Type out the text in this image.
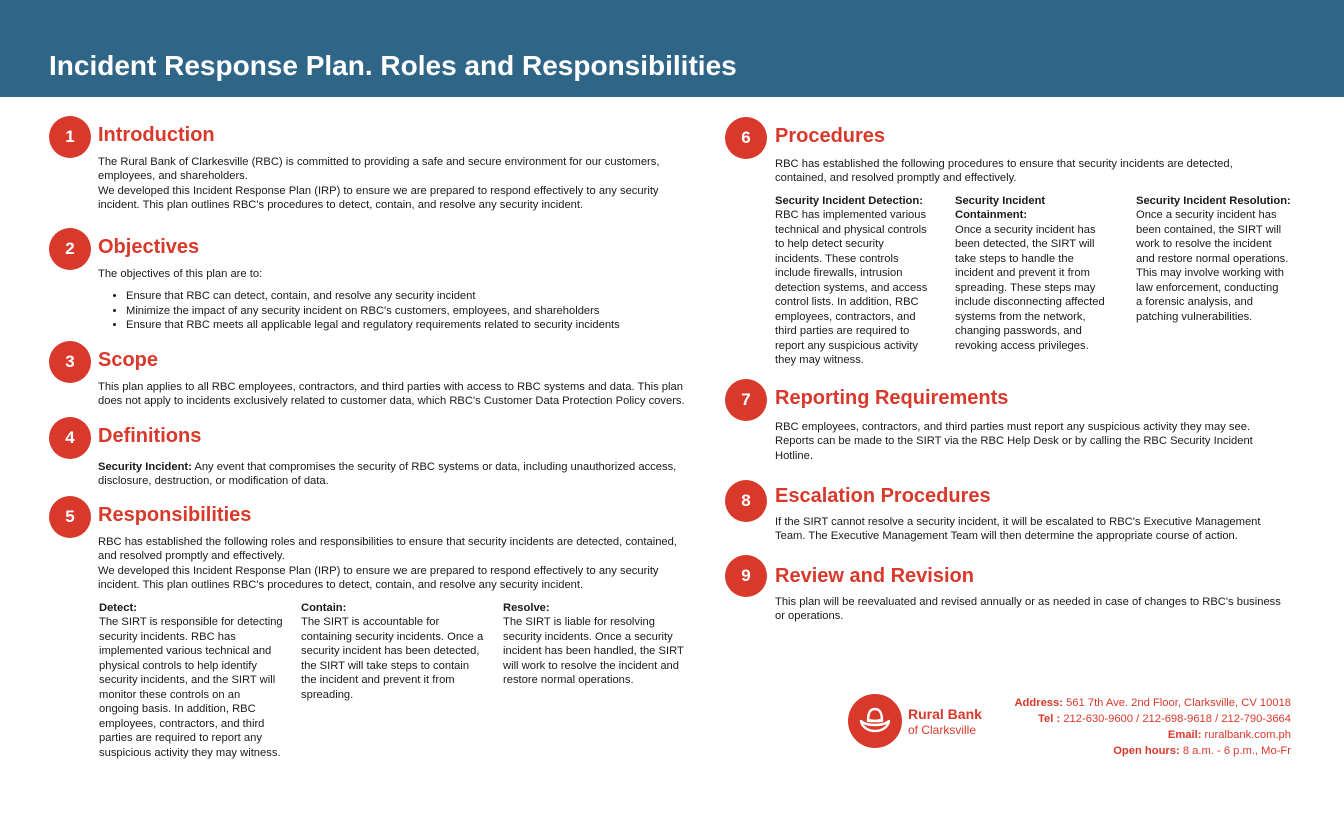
Incident Response Plan. Roles and Responsibilities
1	Introduction

The Rural Bank of Clarkesville (RBC) is committed to providing a safe and secure environment for our customers,

employees, and shareholders.

We developed this Incident Response Plan (IRP) to ensure we are prepared to respond effectively to any security

incident. This plan outlines RBC's procedures to detect, contain, and resolve any security incident.

2	Objectives

The objectives of this plan are to:

• Ensure that RBC can detect, contain, and resolve any security incident
• Minimize the impact of any security incident on RBC's customers, employees, and shareholders
• Ensure that RBC meets all applicable legal and regulatory requirements related to security incidents
3	Scope

This plan applies to all RBC employees, contractors, and third parties with access to RBC systems and data. This plan

does not apply to incidents exclusively related to customer data, which RBC's Customer Data Protection Policy covers.

4	Definitions

Security Incident: Any event that compromises the security of RBC systems or data, including unauthorized access,

disclosure, destruction, or modification of data.

5	Responsibilities

RBC has established the following roles and responsibilities to ensure that security incidents are detected, contained,

and resolved promptly and effectively.

We developed this Incident Response Plan (IRP) to ensure we are prepared to respond effectively to any security

incident. This plan outlines RBC's procedures to detect, contain, and resolve any security incident.

Detect:
The SIRT is responsible for detecting
security incidents. RBC has
implemented various technical and
physical controls to help identify
security incidents, and the SIRT will
monitor these controls on an
ongoing basis. In addition, RBC
employees, contractors, and third
parties are required to report any
suspicious activity they may witness.
Contain:
The SIRT is accountable for
containing security incidents. Once a
security incident has been detected,
the SIRT will take steps to contain
the incident and prevent it from
spreading.
Resolve:
The SIRT is liable for resolving
security incidents. Once a security
incident has been handled, the SIRT
will work to resolve the incident and
restore normal operations.
6	Procedures

RBC has established the following procedures to ensure that security incidents are detected,

contained, and resolved promptly and effectively.

Security Incident Detection:
RBC has implemented various
technical and physical controls
to help detect security
incidents. These controls
include firewalls, intrusion
detection systems, and access
control lists. In addition, RBC
employees, contractors, and
third parties are required to
report any suspicious activity
they may witness.
Security Incident
Containment:
Once a security incident has
been detected, the SIRT will
take steps to handle the
incident and prevent it from
spreading. These steps may
include disconnecting affected
systems from the network,
changing passwords, and
revoking access privileges.
Security Incident Resolution:
Once a security incident has
been contained, the SIRT will
work to resolve the incident
and restore normal operations.
This may involve working with
law enforcement, conducting
a forensic analysis, and
patching vulnerabilities.
7	Reporting Requirements

RBC employees, contractors, and third parties must report any suspicious activity they may see.

Reports can be made to the SIRT via the RBC Help Desk or by calling the RBC Security Incident

Hotline.

8	Escalation Procedures

If the SIRT cannot resolve a security incident, it will be escalated to RBC's Executive Management

Team. The Executive Management Team will then determine the appropriate course of action.

9	Review and Revision

This plan will be reevaluated and revised annually or as needed in case of changes to RBC's business

or operations.

Rural Bank
of Clarksville
Address: 561 7th Ave. 2nd Floor, Clarksville, CV 10018
Tel : 212-630-9600 / 212-698-9618 / 212-790-3664
Email: ruralbank.com.ph
Open hours: 8 a.m. - 6 p.m., Mo-Fr
